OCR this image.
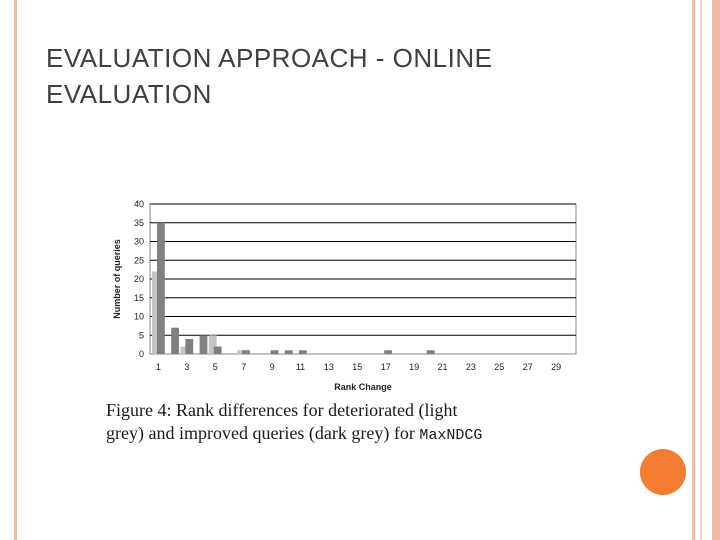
EVALUATION APPROACH - ONLINE
EVALUATION
0
5
10
15
20
25
30
35
40
1	3	5	7	9 11 13 15 17 19 21 23 25 27 29
Rank Change
Number of queries
Figure 4: Rank differences for deteriorated (light
grey) and improved queries (dark grey) for MaxNDCG
